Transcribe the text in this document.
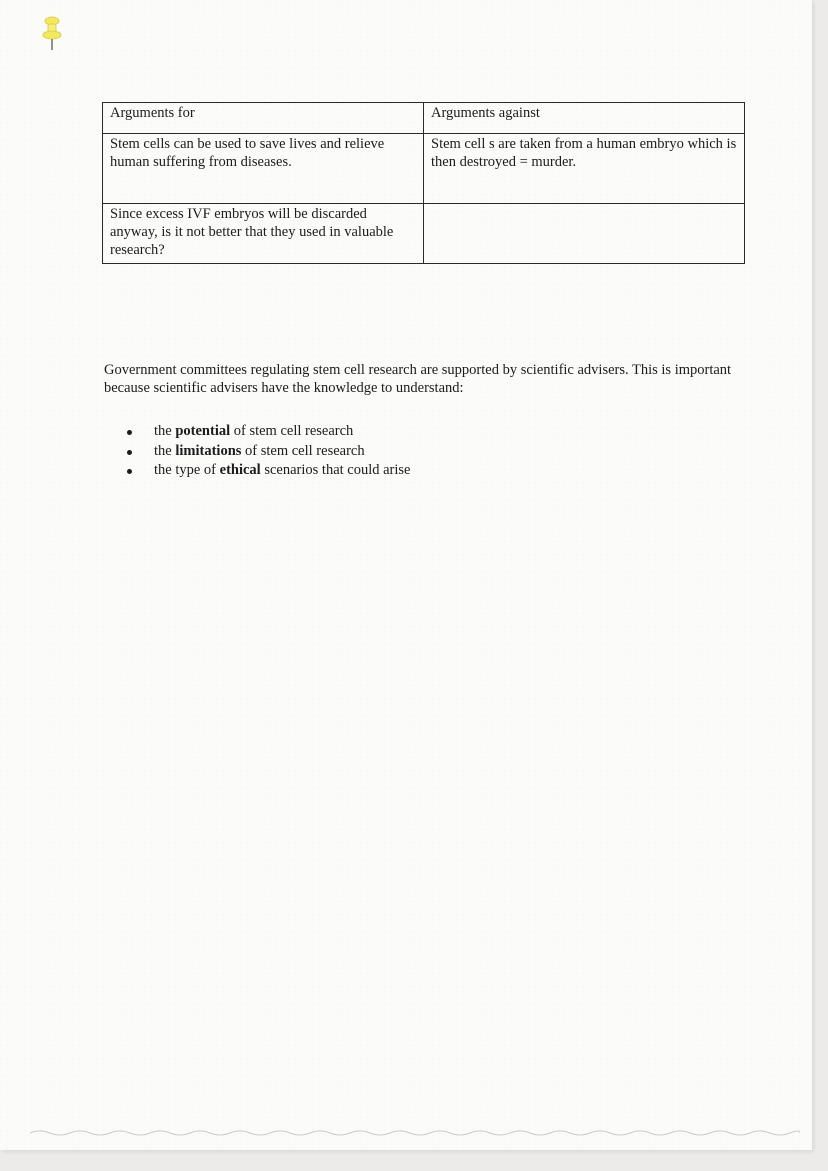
Arguments for	Arguments against
Stem cells can be used to save lives and relieve human suffering from diseases.	Stem cell s are taken from a human embryo which is then destroyed = murder.
Since excess IVF embryos will be discarded anyway, is it not better that they used in valuable research?	

Government committees regulating stem cell research are supported by scientific advisers. This is important because scientific advisers have the knowledge to understand:

the potential of stem cell research
the limitations of stem cell research
the type of ethical scenarios that could arise
